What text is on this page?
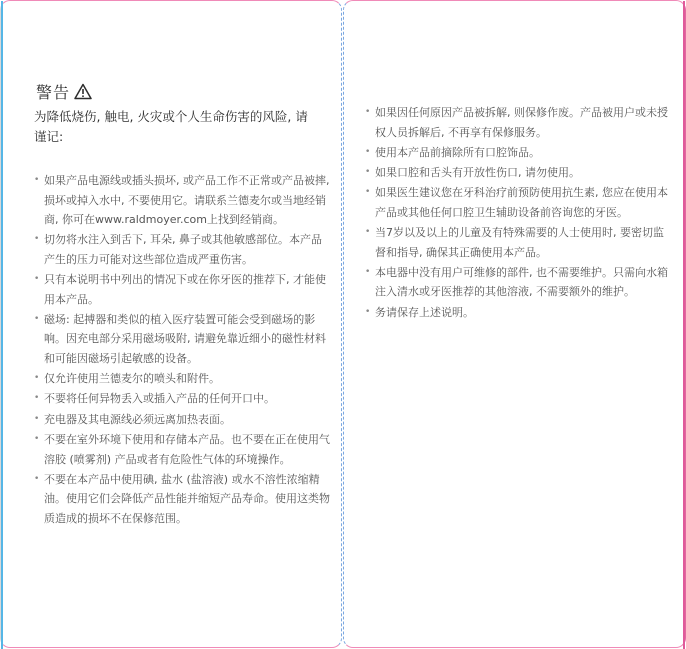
警告
为降低烧伤, 触电, 火灾或个人生命伤害的风险, 请谨记:
• 如果产品电源线或插头损坏, 或产品工作不正常或产品被摔, 损坏或掉入水中, 不要使用它。请联系兰德麦尔或当地经销商, 你可在www.raldmoyer.com上找到经销商。
• 切勿将水注入到舌下, 耳朵, 鼻子或其他敏感部位。本产品产生的压力可能对这些部位造成严重伤害。
• 只有本说明书中列出的情况下或在你牙医的推荐下, 才能使用本产品。
• 磁场: 起搏器和类似的植入医疗装置可能会受到磁场的影响。因充电部分采用磁场吸附, 请避免靠近细小的磁性材料和可能因磁场引起敏感的设备。
• 仅允许使用兰德麦尔的喷头和附件。
• 不要将任何异物丢入或插入产品的任何开口中。
• 充电器及其电源线必须远离加热表面。
• 不要在室外环境下使用和存储本产品。也不要在正在使用气溶胶 (喷雾剂) 产品或者有危险性气体的环境操作。
• 不要在本产品中使用碘, 盐水 (盐溶液) 或水不溶性浓缩精油。使用它们会降低产品性能并缩短产品寿命。使用这类物质造成的损坏不在保修范围。
• 如果因任何原因产品被拆解, 则保修作废。产品被用户或未授权人员拆解后, 不再享有保修服务。
• 使用本产品前摘除所有口腔饰品。
• 如果口腔和舌头有开放性伤口, 请勿使用。
• 如果医生建议您在牙科治疗前预防使用抗生素, 您应在使用本产品或其他任何口腔卫生辅助设备前咨询您的牙医。
• 当7岁以及以上的儿童及有特殊需要的人士使用时, 要密切监督和指导, 确保其正确使用本产品。
• 本电器中没有用户可维修的部件, 也不需要维护。只需向水箱注入清水或牙医推荐的其他溶液, 不需要额外的维护。
• 务请保存上述说明。
